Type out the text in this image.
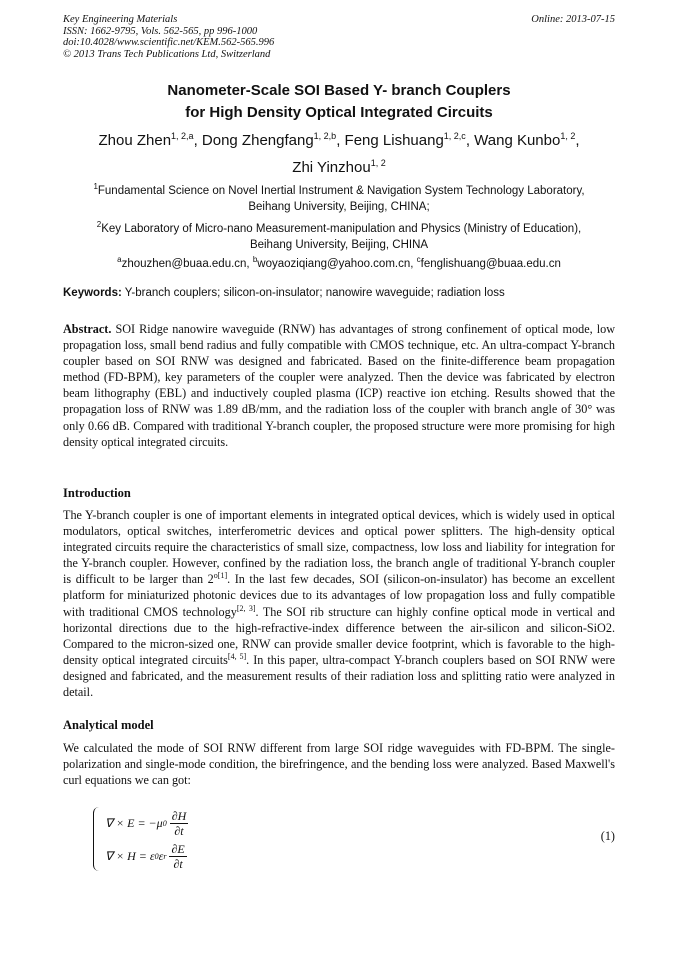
Key Engineering Materials
ISSN: 1662-9795, Vols. 562-565, pp 996-1000
doi:10.4028/www.scientific.net/KEM.562-565.996
© 2013 Trans Tech Publications Ltd, Switzerland
Online: 2013-07-15
Nanometer-Scale SOI Based Y- branch Couplers
for High Density Optical Integrated Circuits
Zhou Zhen$^{1, 2,a}$, Dong Zhengfang$^{1, 2,b}$, Feng Lishuang$^{1, 2,c}$, Wang Kunbo$^{1, 2}$,
Zhi Yinzhou$^{1, 2}$
$^1$Fundamental Science on Novel Inertial Instrument & Navigation System Technology Laboratory,
Beihang University, Beijing, CHINA;
$^2$Key Laboratory of Micro-nano Measurement-manipulation and Physics (Ministry of Education),
Beihang University, Beijing, CHINA
$^a$zhouzhen@buaa.edu.cn, $^b$woyaoziqiang@yahoo.com.cn, $^c$fenglishuang@buaa.edu.cn
Keywords: Y-branch couplers; silicon-on-insulator; nanowire waveguide; radiation loss
Abstract. SOI Ridge nanowire waveguide (RNW) has advantages of strong confinement of optical mode, low propagation loss, small bend radius and fully compatible with CMOS technique, etc. An ultra-compact Y-branch coupler based on SOI RNW was designed and fabricated. Based on the finite-difference beam propagation method (FD-BPM), key parameters of the coupler were analyzed. Then the device was fabricated by electron beam lithography (EBL) and inductively coupled plasma (ICP) reactive ion etching. Results showed that the propagation loss of RNW was 1.89 dB/mm, and the radiation loss of the coupler with branch angle of 30° was only 0.66 dB. Compared with traditional Y-branch coupler, the proposed structure were more promising for high density optical integrated circuits.
Introduction
The Y-branch coupler is one of important elements in integrated optical devices, which is widely used in optical modulators, optical switches, interferometric devices and optical power splitters. The high-density optical integrated circuits require the characteristics of small size, compactness, low loss and liability for integration for the Y-branch coupler. However, confined by the radiation loss, the branch angle of traditional Y-branch coupler is difficult to be larger than $2^{o[1]}$. In the last few decades, SOI (silicon-on-insulator) has become an excellent platform for miniaturized photonic devices due to its advantages of low propagation loss and fully compatible with traditional CMOS technology[2, 3]. The SOI rib structure can highly confine optical mode in vertical and horizontal directions due to the high-refractive-index difference between the air-silicon and silicon-SiO2. Compared to the micron-sized one, RNW can provide smaller device footprint, which is favorable to the high-density optical integrated circuits[4, 5]. In this paper, ultra-compact Y-branch couplers based on SOI RNW were designed and fabricated, and the measurement results of their radiation loss and splitting ratio were analyzed in detail.
Analytical model
We calculated the mode of SOI RNW different from large SOI ridge waveguides with FD-BPM. The single-polarization and single-mode condition, the birefringence, and the bending loss were analyzed. Based Maxwell's curl equations we can got:
∇ × E = −μ $0 \frac{\partial H}{\partial t}$
∇ × H = ε 0 ε r $\frac{\partial E}{\partial t}$
(1)
